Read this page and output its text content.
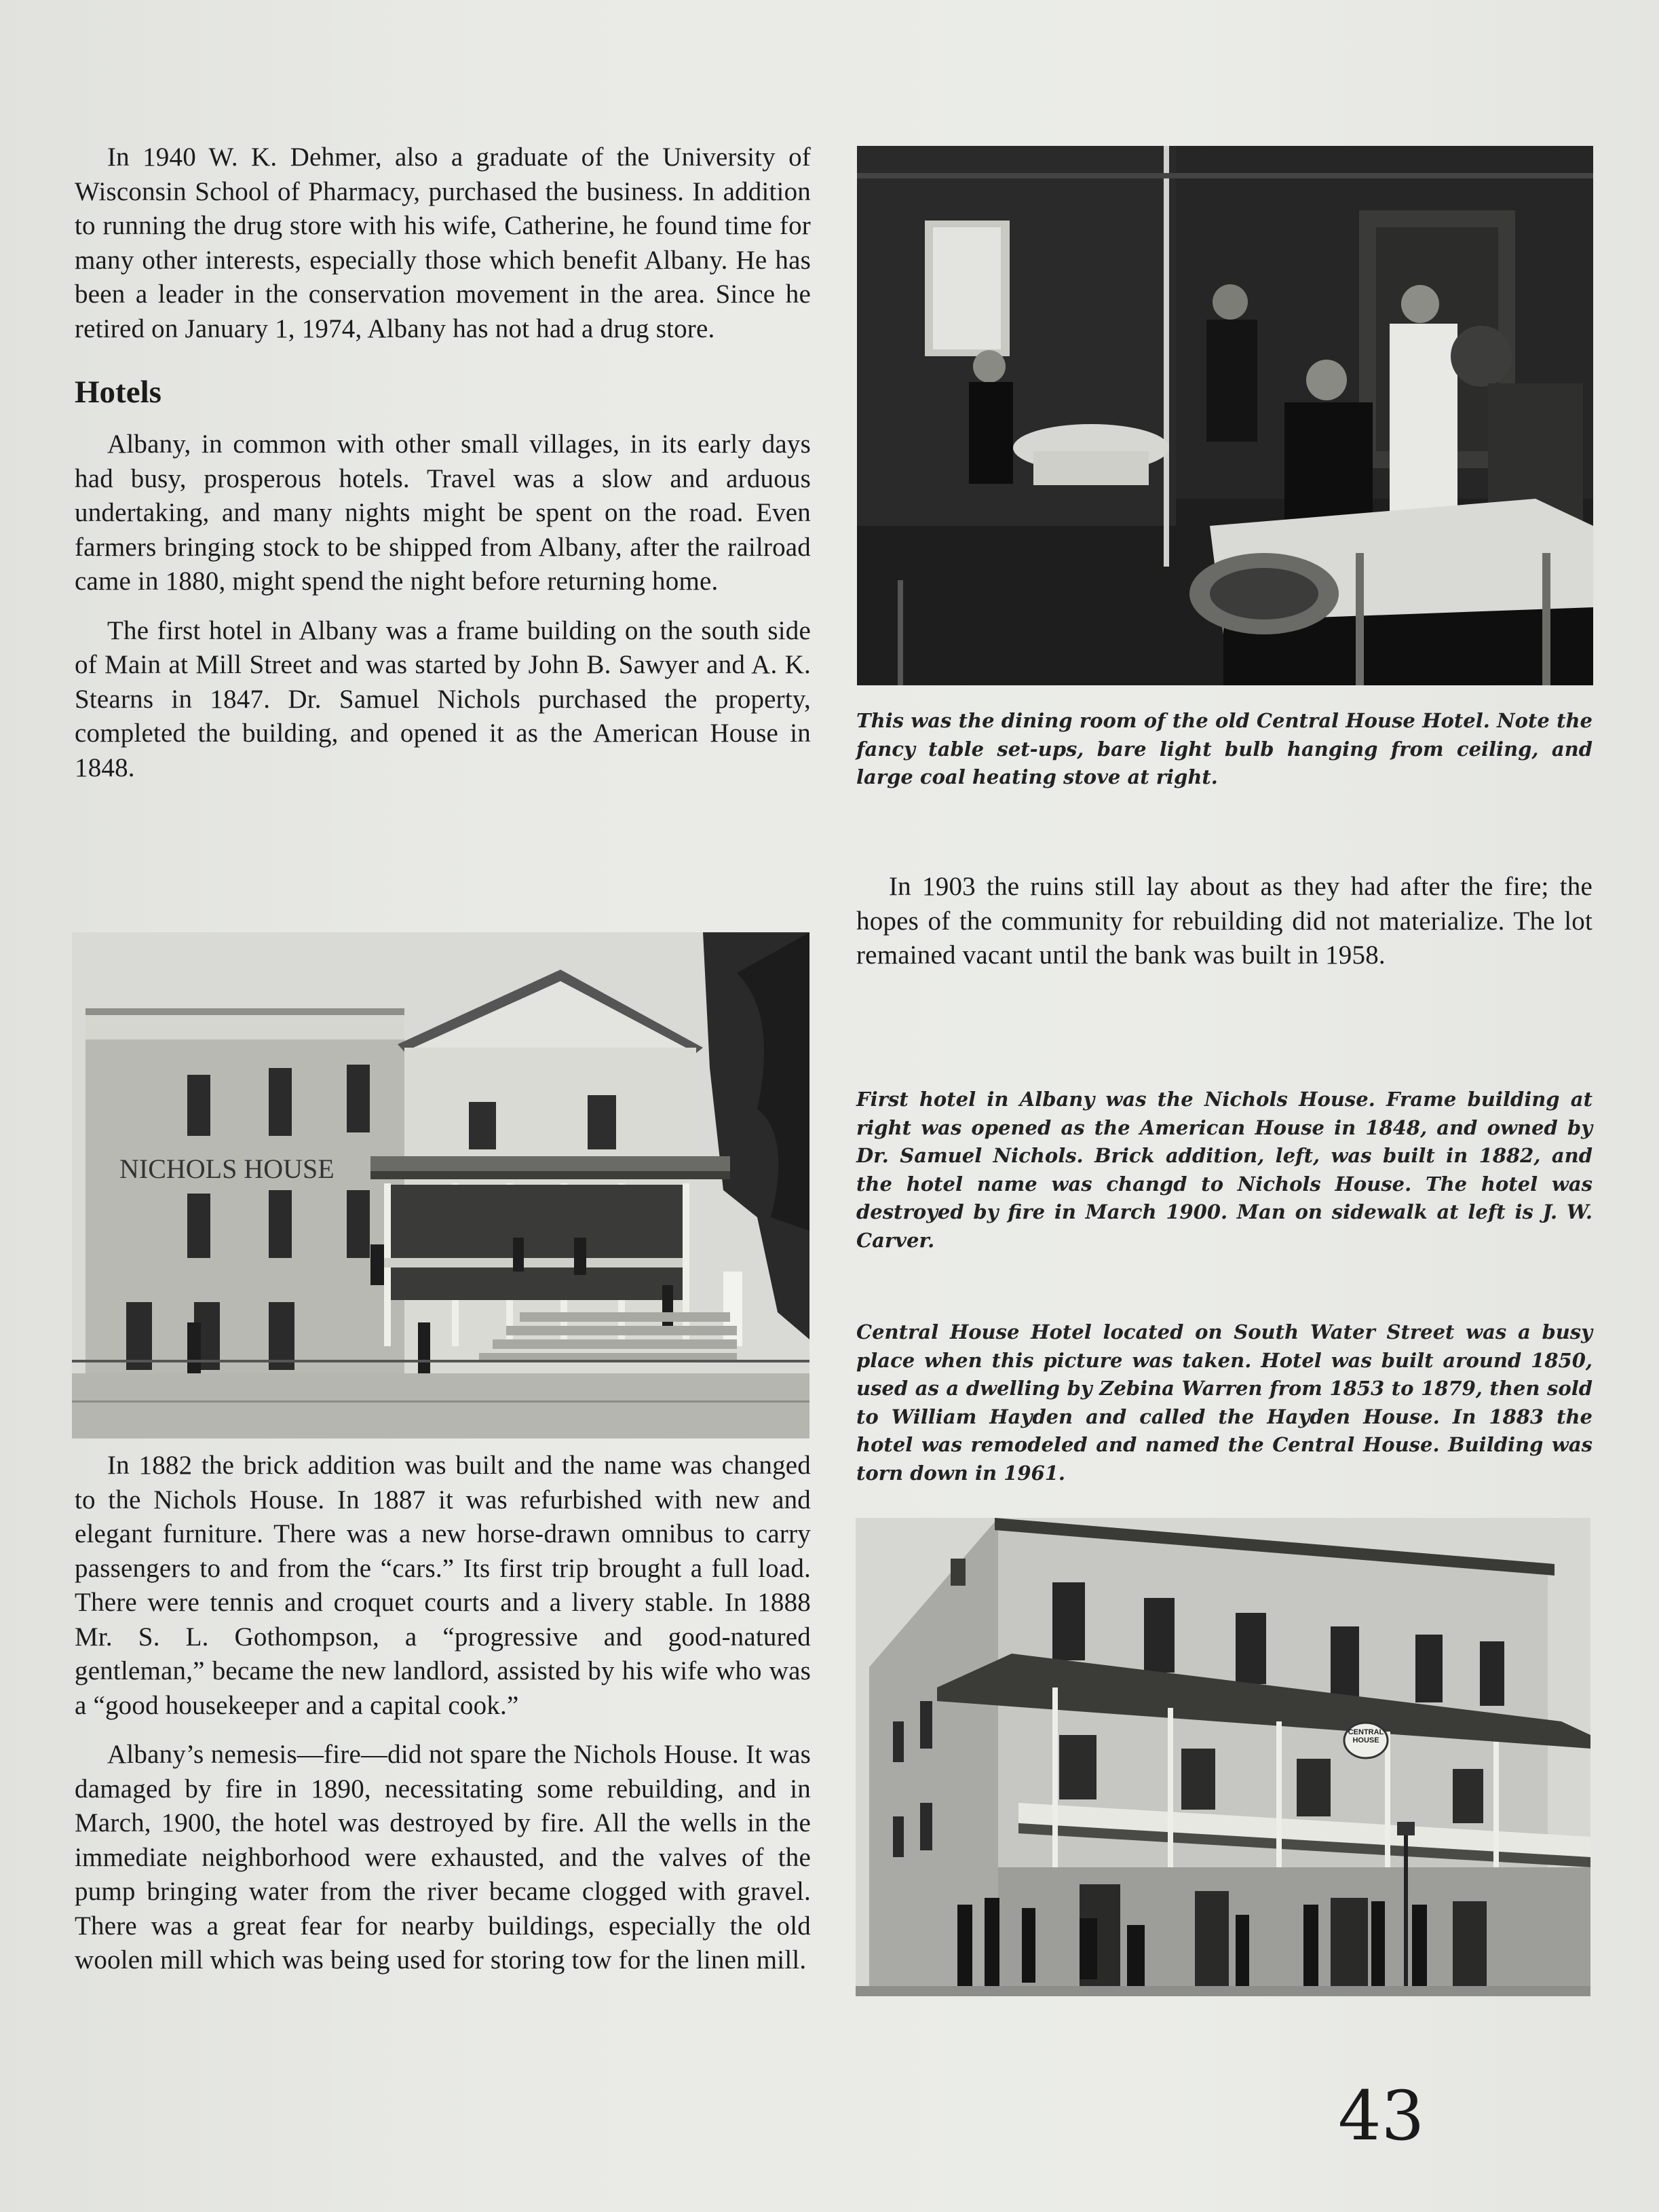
In 1940 W. K. Dehmer, also a graduate of the University of Wisconsin School of Pharmacy, purchased the business. In addition to running the drug store with his wife, Catherine, he found time for many other interests, especially those which benefit Albany. He has been a leader in the conservation movement in the area. Since he retired on January 1, 1974, Albany has not had a drug store.

Hotels

Albany, in common with other small villages, in its early days had busy, prosperous hotels. Travel was a slow and arduous undertaking, and many nights might be spent on the road. Even farmers bringing stock to be shipped from Albany, after the railroad came in 1880, might spend the night before returning home.

The first hotel in Albany was a frame building on the south side of Main at Mill Street and was started by John B. Sawyer and A. K. Stearns in 1847. Dr. Samuel Nichols purchased the property, completed the building, and opened it as the American House in 1848.

NICHOLS HOUSE

In 1882 the brick addition was built and the name was changed to the Nichols House. In 1887 it was refurbished with new and elegant furniture. There was a new horse-drawn omnibus to carry passengers to and from the “cars.” Its first trip brought a full load. There were tennis and croquet courts and a livery stable. In 1888 Mr. S. L. Gothompson, a “progressive and good-natured gentleman,” became the new landlord, assisted by his wife who was a “good housekeeper and a capital cook.”

Albany’s nemesis—fire—did not spare the Nichols House. It was damaged by fire in 1890, necessitating some rebuilding, and in March, 1900, the hotel was destroyed by fire. All the wells in the immediate neighborhood were exhausted, and the valves of the pump bringing water from the river became clogged with gravel. There was a great fear for nearby buildings, especially the old woolen mill which was being used for storing tow for the linen mill.

This was the dining room of the old Central House Hotel. Note the fancy table set-ups, bare light bulb hanging from ceiling, and large coal heating stove at right.

In 1903 the ruins still lay about as they had after the fire; the hopes of the community for rebuilding did not materialize. The lot remained vacant until the bank was built in 1958.

First hotel in Albany was the Nichols House. Frame building at right was opened as the American House in 1848, and owned by Dr. Samuel Nichols. Brick addition, left, was built in 1882, and the hotel name was changd to Nichols House. The hotel was destroyed by fire in March 1900. Man on sidewalk at left is J. W. Carver.

Central House Hotel located on South Water Street was a busy place when this picture was taken. Hotel was built around 1850, used as a dwelling by Zebina Warren from 1853 to 1879, then sold to William Hayden and called the Hayden House. In 1883 the hotel was remodeled and named the Central House. Building was torn down in 1961.

CENTRAL HOUSE
43
